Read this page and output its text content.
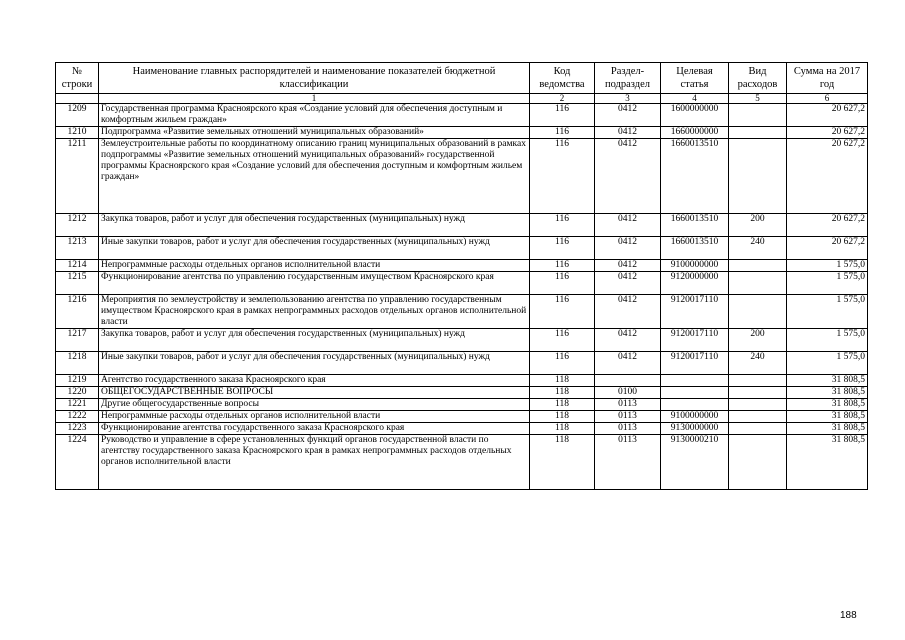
№ строки	Наименование главных распорядителей и наименование показателей бюджетной классификации	Код ведомства	Раздел-подраздел	Целевая статья	Вид расходов	Сумма на 2017 год
	1	2	3	4	5	6
1209	Государственная программа Красноярского края «Создание условий для обеспечения доступным и комфортным жильем граждан»	116	0412	1600000000		20 627,2
1210	Подпрограмма «Развитие земельных отношений муниципальных образований»	116	0412	1660000000		20 627,2
1211	Землеустроительные работы по координатному описанию границ муниципальных образований в рамках подпрограммы «Развитие земельных отношений муниципальных образований» государственной программы Красноярского края «Создание условий для обеспечения доступным и комфортным жильем граждан»	116	0412	1660013510		20 627,2
1212	Закупка товаров, работ и услуг для обеспечения государственных (муниципальных) нужд	116	0412	1660013510	200	20 627,2
1213	Иные закупки товаров, работ и услуг для обеспечения государственных (муниципальных) нужд	116	0412	1660013510	240	20 627,2
1214	Непрограммные расходы отдельных органов исполнительной власти	116	0412	9100000000		1 575,0
1215	Функционирование агентства по управлению государственным имуществом Красноярского края	116	0412	9120000000		1 575,0
1216	Мероприятия по землеустройству и землепользованию агентства по управлению государственным имуществом Красноярского края в рамках непрограммных расходов отдельных органов исполнительной власти	116	0412	9120017110		1 575,0
1217	Закупка товаров, работ и услуг для обеспечения государственных (муниципальных) нужд	116	0412	9120017110	200	1 575,0
1218	Иные закупки товаров, работ и услуг для обеспечения государственных (муниципальных) нужд	116	0412	9120017110	240	1 575,0
1219	Агентство государственного заказа Красноярского края	118				31 808,5
1220	ОБЩЕГОСУДАРСТВЕННЫЕ ВОПРОСЫ	118	0100			31 808,5
1221	Другие общегосударственные вопросы	118	0113			31 808,5
1222	Непрограммные расходы отдельных органов исполнительной власти	118	0113	9100000000		31 808,5
1223	Функционирование агентства государственного заказа Красноярского края	118	0113	9130000000		31 808,5
1224	Руководство и управление в сфере установленных функций органов государственной власти по агентству государственного заказа Красноярского края в рамках непрограммных расходов отдельных органов исполнительной власти	118	0113	9130000210		31 808,5
188
